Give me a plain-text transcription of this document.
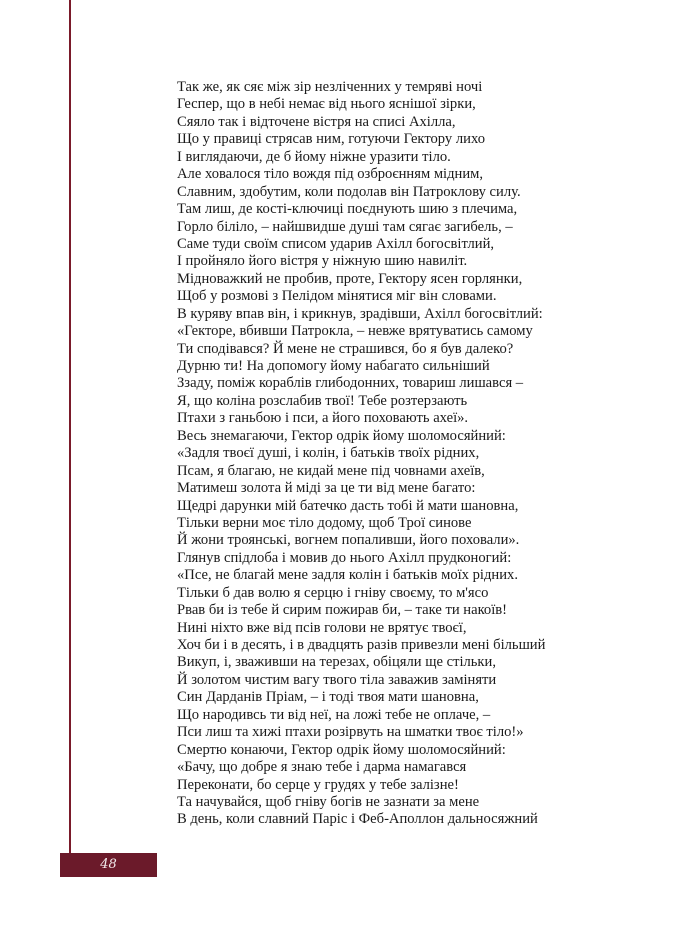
Так же, як сяє між зір незліченних у темряві ночі
Геспер, що в небі немає від нього яснішої зірки,
Сяяло так і відточене вістря на списі Ахілла,
Що у правиці стрясав ним, готуючи Гектору лихо
І виглядаючи, де б йому ніжне уразити тіло.
Але ховалося тіло вождя під озброєнням мідним,
Славним, здобутим, коли подолав він Патроклову силу.
Там лиш, де кості-ключиці поєднують шию з плечима,
Горло біліло, – найшвидше душі там сягає загибель, –
Саме туди своїм списом ударив Ахілл богосвітлий,
І пройняло його вістря у ніжную шию навиліт.
Мідноважкий не пробив, проте, Гектору ясен горлянки,
Щоб у розмові з Пелідом мінятися міг він словами.
В куряву впав він, і крикнув, зрадівши, Ахілл богосвітлий:
«Гекторе, вбивши Патрокла, – невже врятуватись самому
Ти сподівався? Й мене не страшився, бо я був далеко?
Дурню ти! На допомогу йому набагато сильніший
Ззаду, поміж кораблів глибодонних, товариш лишався –
Я, що коліна розслабив твої! Тебе розтерзають
Птахи з ганьбою і пси, а його поховають ахеї».
Весь знемагаючи, Гектор одрік йому шоломосяйний:
«Задля твоєї душі, і колін, і батьків твоїх рідних,
Псам, я благаю, не кидай мене під човнами ахеїв,
Матимеш золота й міді за це ти від мене багато:
Щедрі дарунки мій батечко дасть тобі й мати шановна,
Тільки верни моє тіло додому, щоб Трої синове
Й жони троянські, вогнем попаливши, його поховали».
Глянув спідлоба і мовив до нього Ахілл прудконогий:
«Псе, не благай мене задля колін і батьків моїх рідних.
Тільки б дав волю я серцю і гніву своєму, то м'ясо
Рвав би із тебе й сирим пожирав би, – таке ти накоїв!
Нині ніхто вже від псів голови не врятує твоєї,
Хоч би і в десять, і в двадцять разів привезли мені більший
Викуп, і, зваживши на терезах, обіцяли ще стільки,
Й золотом чистим вагу твого тіла заважив заміняти
Син Дарданів Пріам, – і тоді твоя мати шановна,
Що народивсь ти від неї, на ложі тебе не оплаче, –
Пси лиш та хижі птахи розірвуть на шматки твоє тіло!»
Смертю конаючи, Гектор одрік йому шоломосяйний:
«Бачу, що добре я знаю тебе і дарма намагався
Переконати, бо серце у грудях у тебе залізне!
Та начувайся, щоб гніву богів не зазнати за мене
В день, коли славний Паріс і Феб-Аполлон дальносяжний
48
